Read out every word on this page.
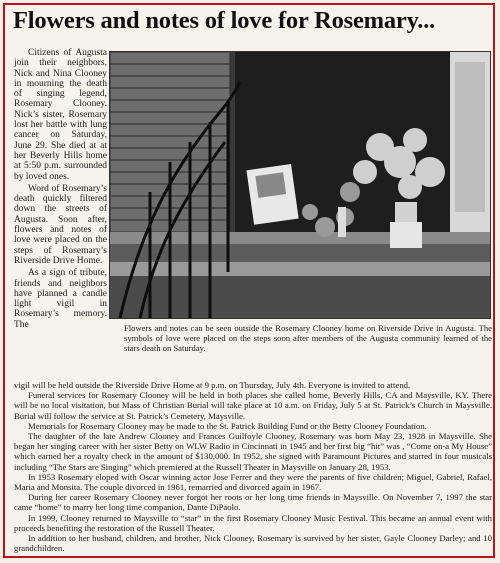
Flowers and notes of love for Rosemary...

Citizens of Augusta join their neighbors, Nick and Nina Clooney in mourning the death of singing legend, Rosemary Clooney. Nick’s sister, Rosemary lost her battle with lung cancer on Saturday, June 29. She died at at her Beverly Hills home at 5:50 p.m. surrounded by loved ones.

Word of Rosemary’s death quickly filtered down the streets of Augusta. Soon after, flowers and notes of love were placed on the steps of Rosemary’s Riverside Drive Home.

As a sign of tribute, friends and neighbors have planned a candle light vigil in Rosemary’s memory. The	Flowers and notes can be seen outside the Rosemary Clooney home on Riverside Drive in Augusta. The symbols of love were placed on the steps soon after members of the Augusta community learned of the stars death on Saturday.

vigil will be held outside the Riverside Drive Home at 9 p.m. on Thursday, July 4th. Everyone is invited to attend.

Funeral services for Rosemary Clooney will be held in both places she called home, Beverly Hills, CA and Maysville, KY. There will be no local visitation, but Mass of Christian Burial will take place at 10 a.m. on Friday, July 5 at St. Patrick’s Church in Maysville. Burial will follow the service at St. Patrick’s Cemetery, Maysville.

Memorials for Rosemary Clooney may be made to the St. Patrick Building Fund or the Betty Clooney Foundation.

The daughter of the late Andrew Clooney and Frances Guilfoyle Clooney, Rosemary was born May 23, 1928 in Maysville. She began her singing career with her sister Betty on WLW Radio in Cincinnati in 1945 and her first big “hit” was , “Come on-a My House” which earned her a royalty check in the amount of $130,000. In 1952, she signed with Paramount Pictures and starred in four musicals including “The Stars are Singing” which premiered at the Russell Theater in Maysville on January 28, 1953.

In 1953 Rosemary eloped with Oscar winning actor Jose Ferrer and they were the parents of five children; Miguel, Gabriel, Rafael, Maria and Monsita. The couple divorced in 1961, remarried and divorced again in 1967.

During her career Rosemary Clooney never forgot her roots or her long time friends in Maysville. On November 7, 1997 the star came “home” to marry her long time companion, Dante DiPaolo.

In 1999, Clooney returned to Maysville to “star” in the first Rosemary Clooney Music Festival. This became an annual event with proceeds benefiting the restoration of the Russell Theater.

In addition to her husband, children, and brother, Nick Clooney, Rosemary is survived by her sister, Gayle Clooney Darley; and 10 grandchildren.
